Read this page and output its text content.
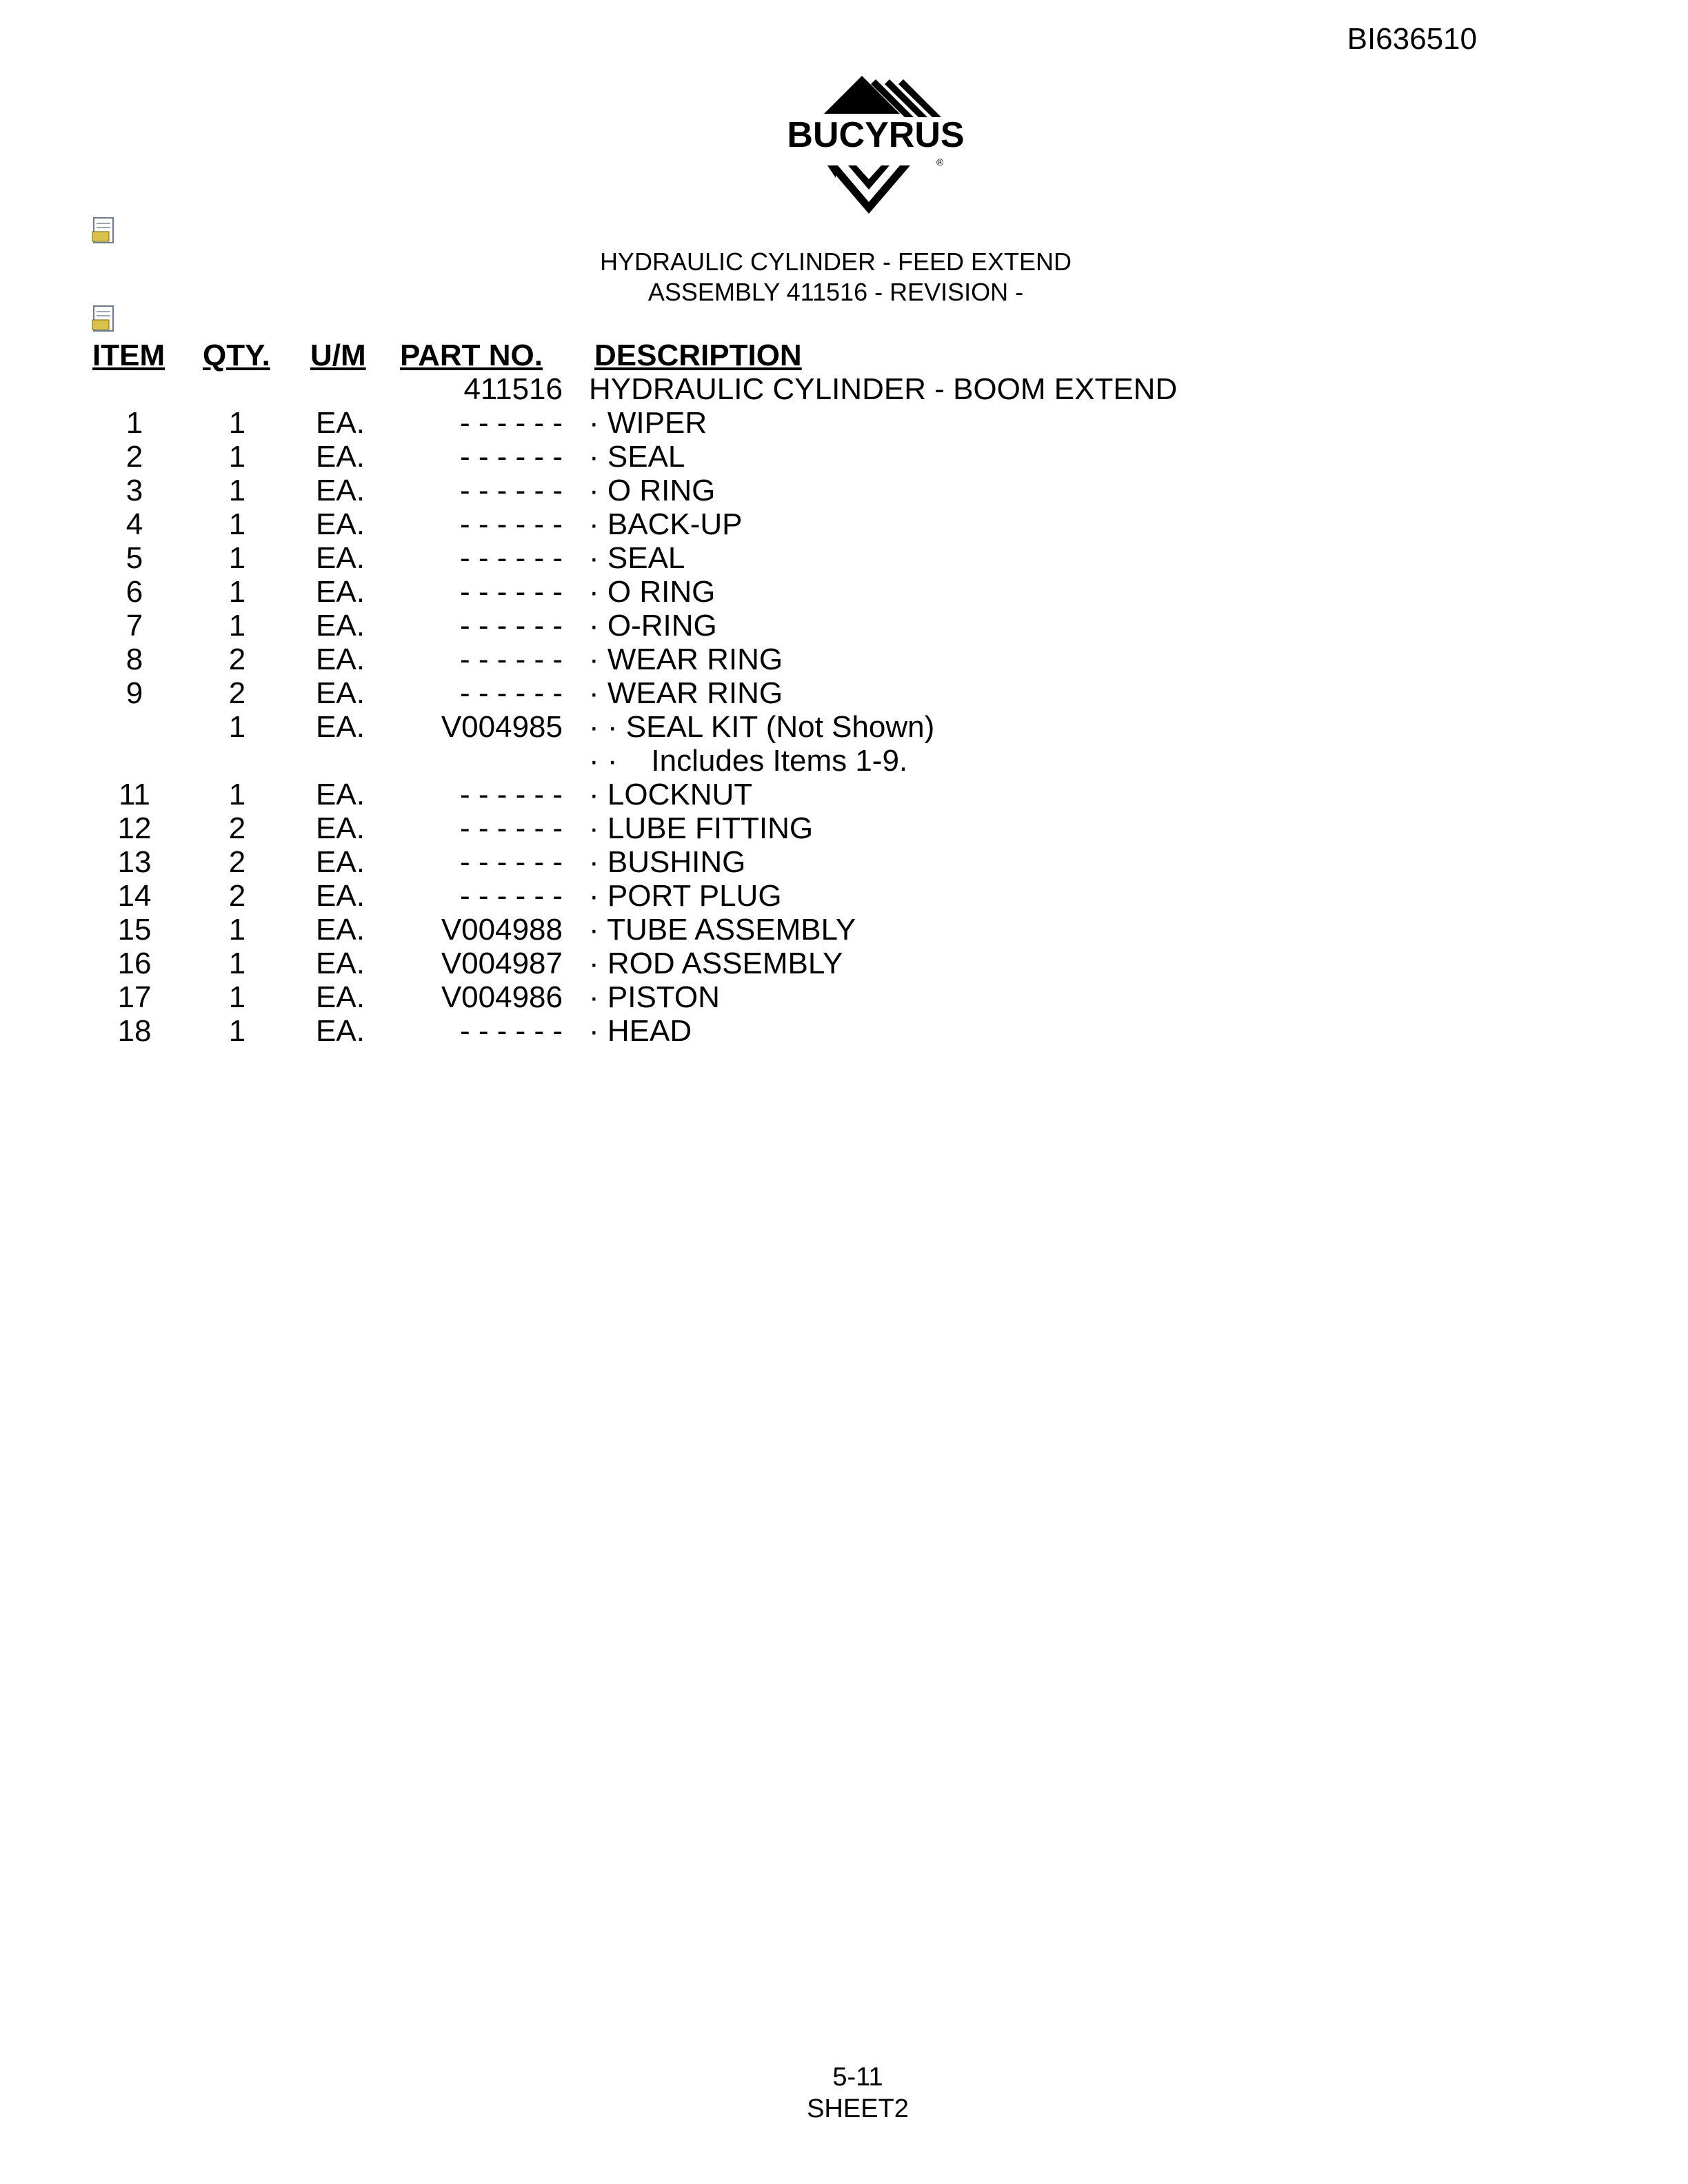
BI636510
BUCYRUS
®
HYDRAULIC CYLINDER - FEED EXTEND
ASSEMBLY 411516 - REVISION -
ITEM	QTY.	U/M	PART NO.	DESCRIPTION
			411516	HYDRAULIC CYLINDER - BOOM EXTEND
1	1	EA.	- - - - - -	· WIPER
2	1	EA.	- - - - - -	· SEAL
3	1	EA.	- - - - - -	· O RING
4	1	EA.	- - - - - -	· BACK-UP
5	1	EA.	- - - - - -	· SEAL
6	1	EA.	- - - - - -	· O RING
7	1	EA.	- - - - - -	· O-RING
8	2	EA.	- - - - - -	· WEAR RING
9	2	EA.	- - - - - -	· WEAR RING
	1	EA.	V004985	· · SEAL KIT (Not Shown)
				· ·    Includes Items 1-9.
11	1	EA.	- - - - - -	· LOCKNUT
12	2	EA.	- - - - - -	· LUBE FITTING
13	2	EA.	- - - - - -	· BUSHING
14	2	EA.	- - - - - -	· PORT PLUG
15	1	EA.	V004988	· TUBE ASSEMBLY
16	1	EA.	V004987	· ROD ASSEMBLY
17	1	EA.	V004986	· PISTON
18	1	EA.	- - - - - -	· HEAD
5-11
SHEET2
